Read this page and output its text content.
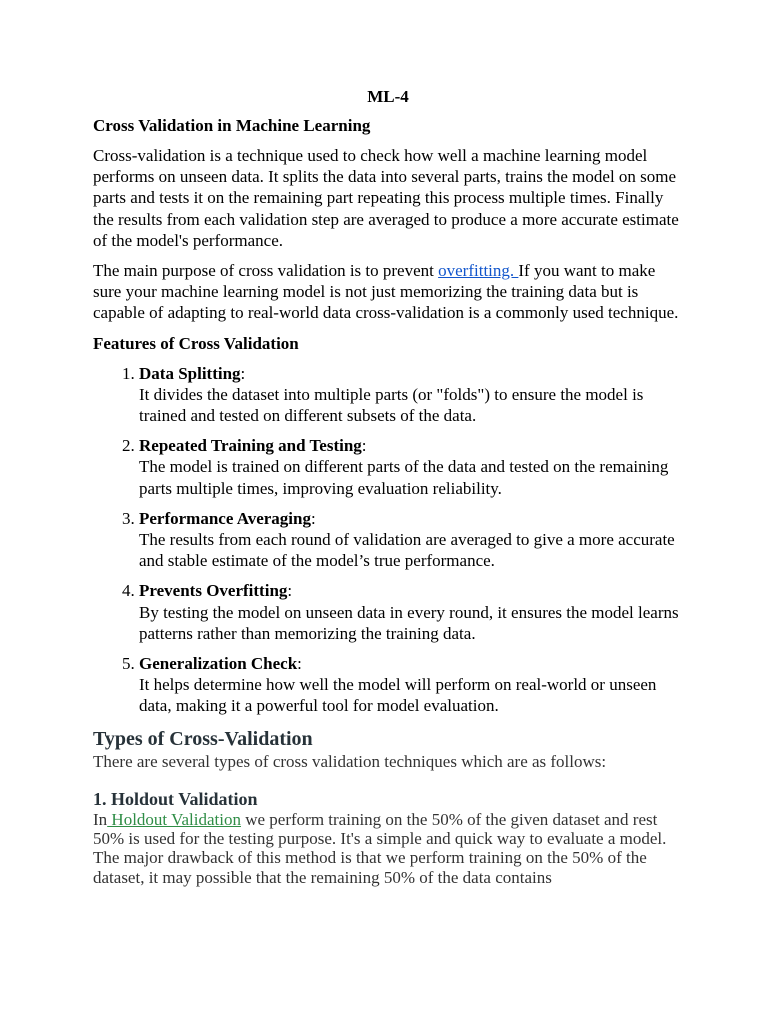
ML-4
Cross Validation in Machine Learning

Cross-validation is a technique used to check how well a machine learning model performs on unseen data. It splits the data into several parts, trains the model on some parts and tests it on the remaining part repeating this process multiple times. Finally the results from each validation step are averaged to produce a more accurate estimate of the model's performance.

The main purpose of cross validation is to prevent overfitting. If you want to make sure your machine learning model is not just memorizing the training data but is capable of adapting to real-world data cross-validation is a commonly used technique.

Features of Cross Validation
1. Data Splitting:
It divides the dataset into multiple parts (or "folds") to ensure the model is trained and tested on different subsets of the data.
2. Repeated Training and Testing:
The model is trained on different parts of the data and tested on the remaining parts multiple times, improving evaluation reliability.
3. Performance Averaging:
The results from each round of validation are averaged to give a more accurate and stable estimate of the model’s true performance.
4. Prevents Overfitting:
By testing the model on unseen data in every round, it ensures the model learns patterns rather than memorizing the training data.
5. Generalization Check:
It helps determine how well the model will perform on real-world or unseen data, making it a powerful tool for model evaluation.
Types of Cross-Validation
There are several types of cross validation techniques which are as follows:
1. Holdout Validation

In Holdout Validation we perform training on the 50% of the given dataset and rest 50% is used for the testing purpose. It's a simple and quick way to evaluate a model. The major drawback of this method is that we perform training on the 50% of the dataset, it may possible that the remaining 50% of the data contains
